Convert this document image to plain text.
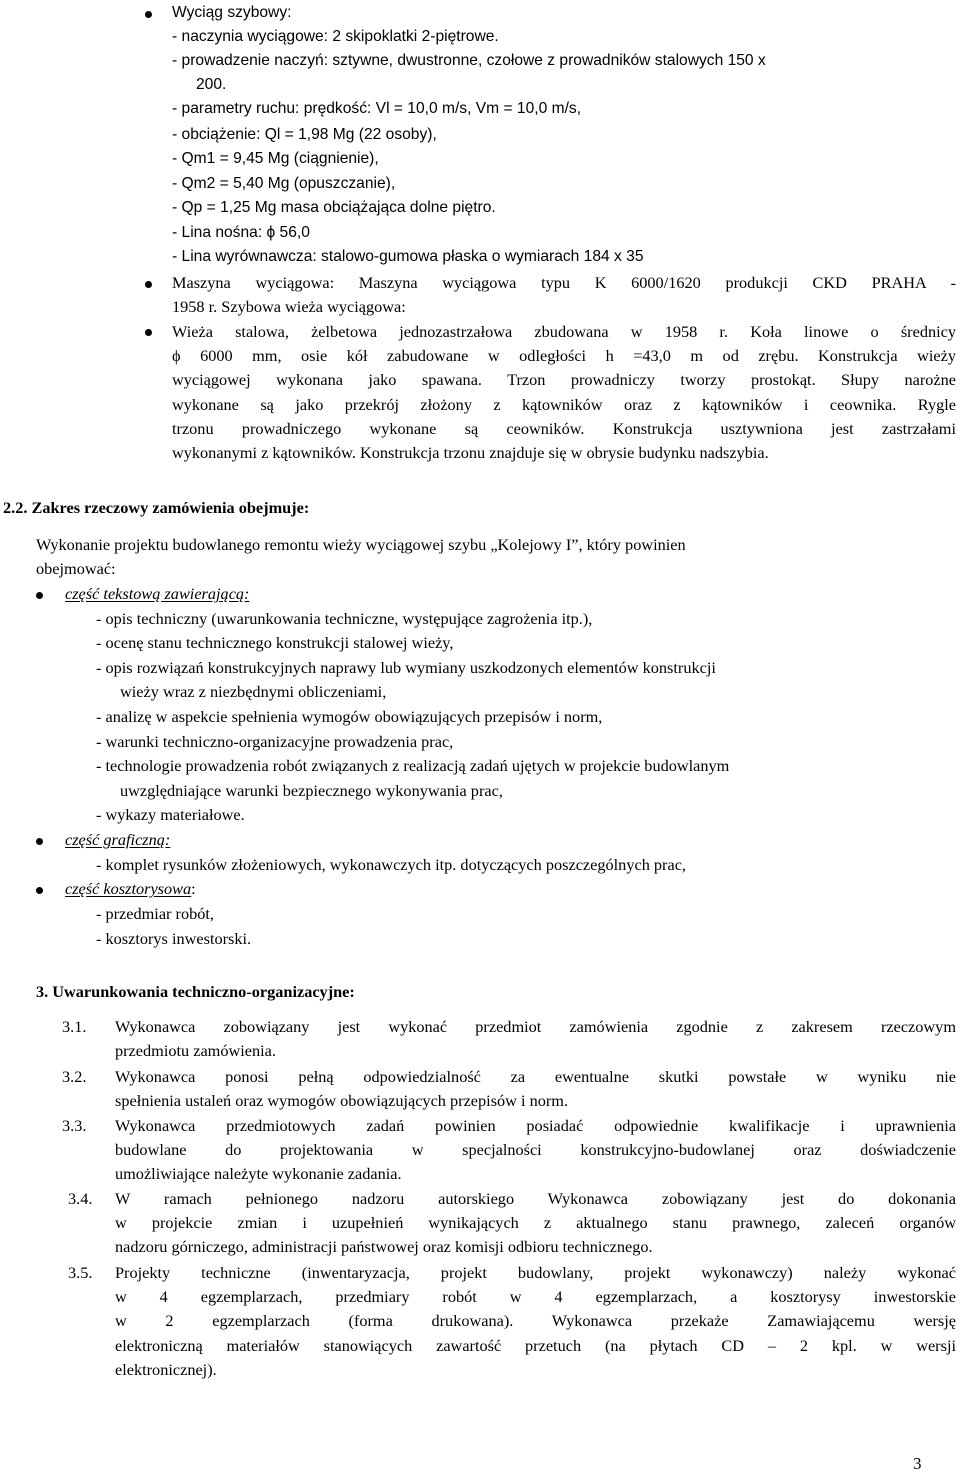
Wyciąg szybowy:
- naczynia wyciągowe: 2 skipoklatki 2-piętrowe.
- prowadzenie naczyń: sztywne, dwustronne, czołowe z prowadników stalowych 150 x
200.
- parametry ruchu: prędkość: Vl = 10,0 m/s, Vm = 10,0 m/s,
- obciążenie: Ql = 1,98 Mg (22 osoby),
- Qm1 = 9,45 Mg (ciągnienie),
- Qm2 = 5,40 Mg (opuszczanie),
- Qp = 1,25 Mg masa obciążająca dolne piętro.
- Lina nośna: ϕ 56,0
- Lina wyrównawcza: stalowo-gumowa płaska o wymiarach 184 x 35
Maszyna wyciągowa: Maszyna wyciągowa typu K 6000/1620 produkcji CKD PRAHA -
1958 r. Szybowa wieża wyciągowa:
Wieża stalowa, żelbetowa jednozastrzałowa zbudowana w 1958 r. Koła linowe o średnicy
ϕ 6000 mm, osie kół zabudowane w odległości h =43,0 m od zrębu. Konstrukcja wieży
wyciągowej wykonana jako spawana. Trzon prowadniczy tworzy prostokąt. Słupy narożne
wykonane są jako przekrój złożony z kątowników oraz z kątowników i ceownika. Rygle
trzonu prowadniczego wykonane są ceowników. Konstrukcja usztywniona jest zastrzałami
wykonanymi z kątowników. Konstrukcja trzonu znajduje się w obrysie budynku nadszybia.
2.2. Zakres rzeczowy zamówienia obejmuje:
Wykonanie projektu budowlanego remontu wieży wyciągowej szybu „Kolejowy I”, który powinien
obejmować:
część tekstową zawierającą:
- opis techniczny (uwarunkowania techniczne, występujące zagrożenia itp.),
- ocenę stanu technicznego konstrukcji stalowej wieży,
- opis rozwiązań konstrukcyjnych naprawy lub wymiany uszkodzonych elementów konstrukcji
wieży wraz z niezbędnymi obliczeniami,
- analizę w aspekcie spełnienia wymogów obowiązujących przepisów i norm,
- warunki techniczno-organizacyjne prowadzenia prac,
- technologie prowadzenia robót związanych z realizacją zadań ujętych w projekcie budowlanym
uwzględniające warunki bezpiecznego wykonywania prac,
- wykazy materiałowe.
część graficzną:
- komplet rysunków złożeniowych, wykonawczych itp. dotyczących poszczególnych prac,
część kosztorysowa:
- przedmiar robót,
- kosztorys inwestorski.
3. Uwarunkowania techniczno-organizacyjne:
3.1. Wykonawca zobowiązany jest wykonać przedmiot zamówienia zgodnie z zakresem rzeczowym
przedmiotu zamówienia.
3.2. Wykonawca ponosi pełną odpowiedzialność za ewentualne skutki powstałe w wyniku nie
spełnienia ustaleń oraz wymogów obowiązujących przepisów i norm.
3.3. Wykonawca przedmiotowych zadań powinien posiadać odpowiednie kwalifikacje i uprawnienia
budowlane do projektowania w specjalności konstrukcyjno-budowlanej oraz doświadczenie
umożliwiające należyte wykonanie zadania.
3.4. W ramach pełnionego nadzoru autorskiego Wykonawca zobowiązany jest do dokonania
w projekcie zmian i uzupełnień wynikających z aktualnego stanu prawnego, zaleceń organów
nadzoru górniczego, administracji państwowej oraz komisji odbioru technicznego.
3.5. Projekty techniczne (inwentaryzacja, projekt budowlany, projekt wykonawczy) należy wykonać
w 4 egzemplarzach, przedmiary robót w 4 egzemplarzach, a kosztorysy inwestorskie
w 2 egzemplarzach (forma drukowana). Wykonawca przekaże Zamawiającemu wersję
elektroniczną materiałów stanowiących zawartość przetuch (na płytach CD – 2 kpl. w wersji
elektronicznej).
3
